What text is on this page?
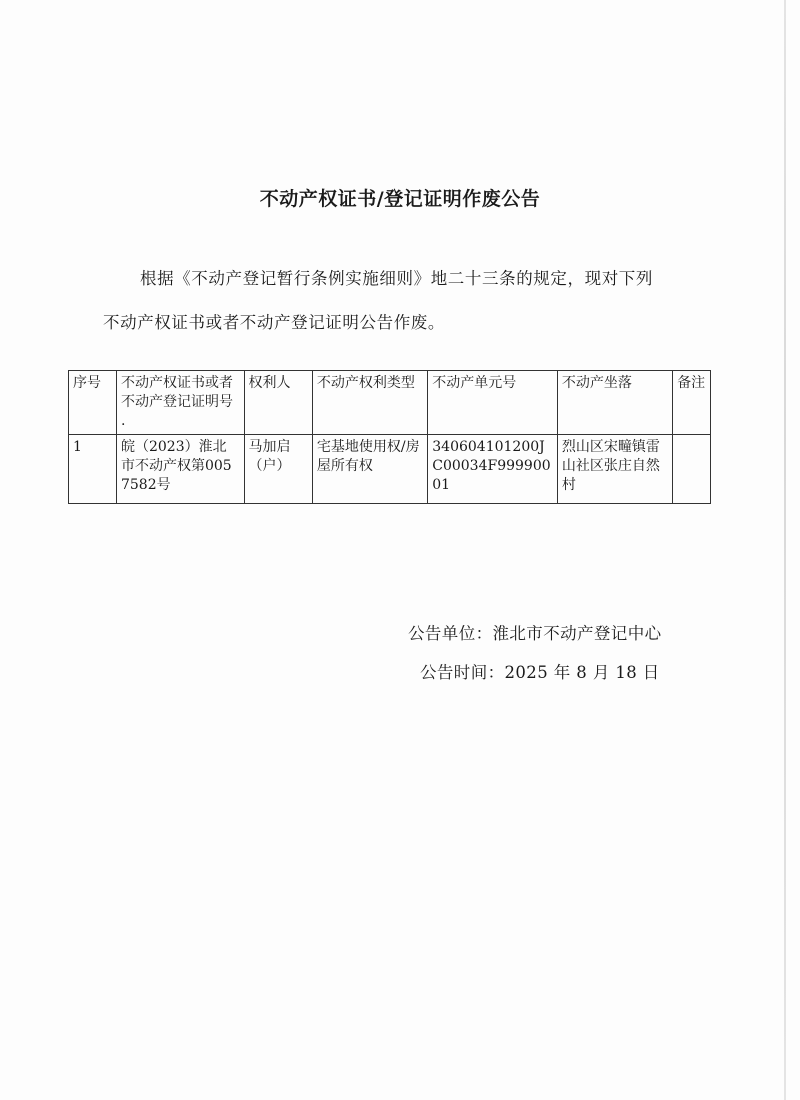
不动产权证书/登记证明作废公告
根据《不动产登记暂行条例实施细则》地二十三条的规定，现对下列
不动产权证书或者不动产登记证明公告作废。
序号	不动产权证书或者不动产登记证明号 .	权利人	不动产权利类型	不动产单元号	不动产坐落	备注
1	皖（2023）淮北市不动产权第0057582号	马加启（户）	宅基地使用权/房屋所有权	340604101200JC00034F99990001	烈山区宋疃镇雷山社区张庄自然村	
公告单位：淮北市不动产登记中心
公告时间：2025 年 8 月 18 日
